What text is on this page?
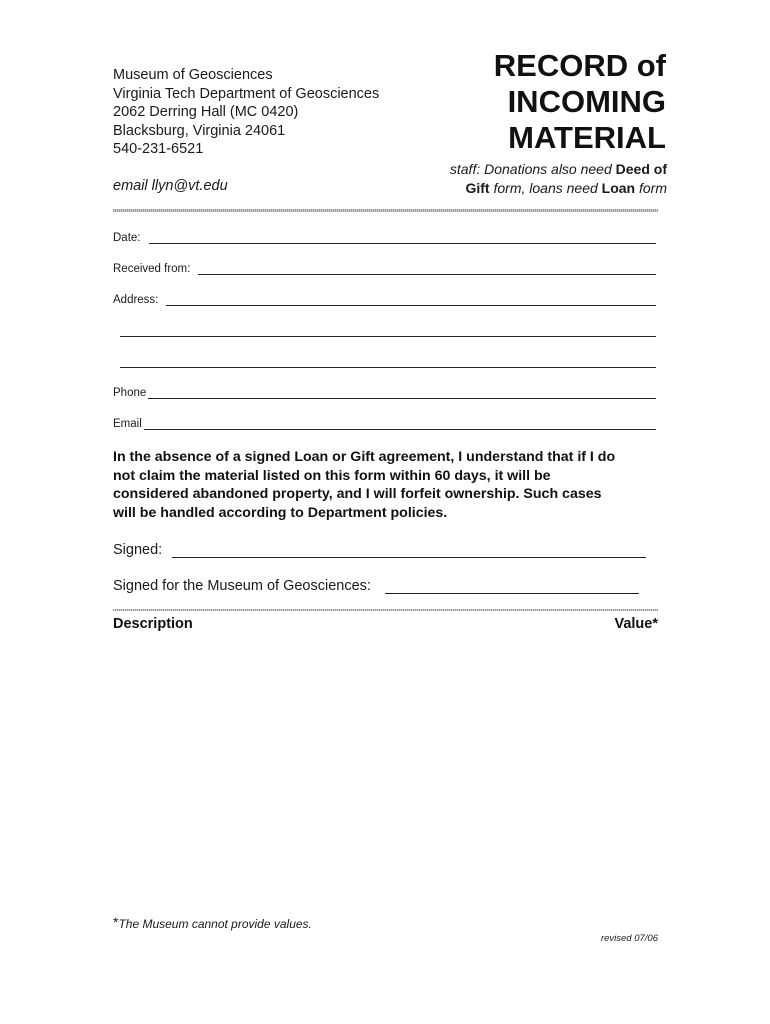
Museum of Geosciences
Virginia Tech Department of Geosciences
2062 Derring Hall (MC 0420)
Blacksburg, Virginia 24061
540-231-6521
email llyn@vt.edu
RECORD of
INCOMING
MATERIAL
staff: Donations also need Deed of
Gift form, loans need Loan form
Date:
Received from:
Address:
Phone
Email
In the absence of a signed Loan or Gift agreement, I understand that if I do
not claim the material listed on this form within 60 days, it will be
considered abandoned property, and I will forfeit ownership. Such cases
will be handled according to Department policies.
Signed:
Signed for the Museum of Geosciences:
Description	Value*
*The Museum cannot provide values.
revised 07/06
